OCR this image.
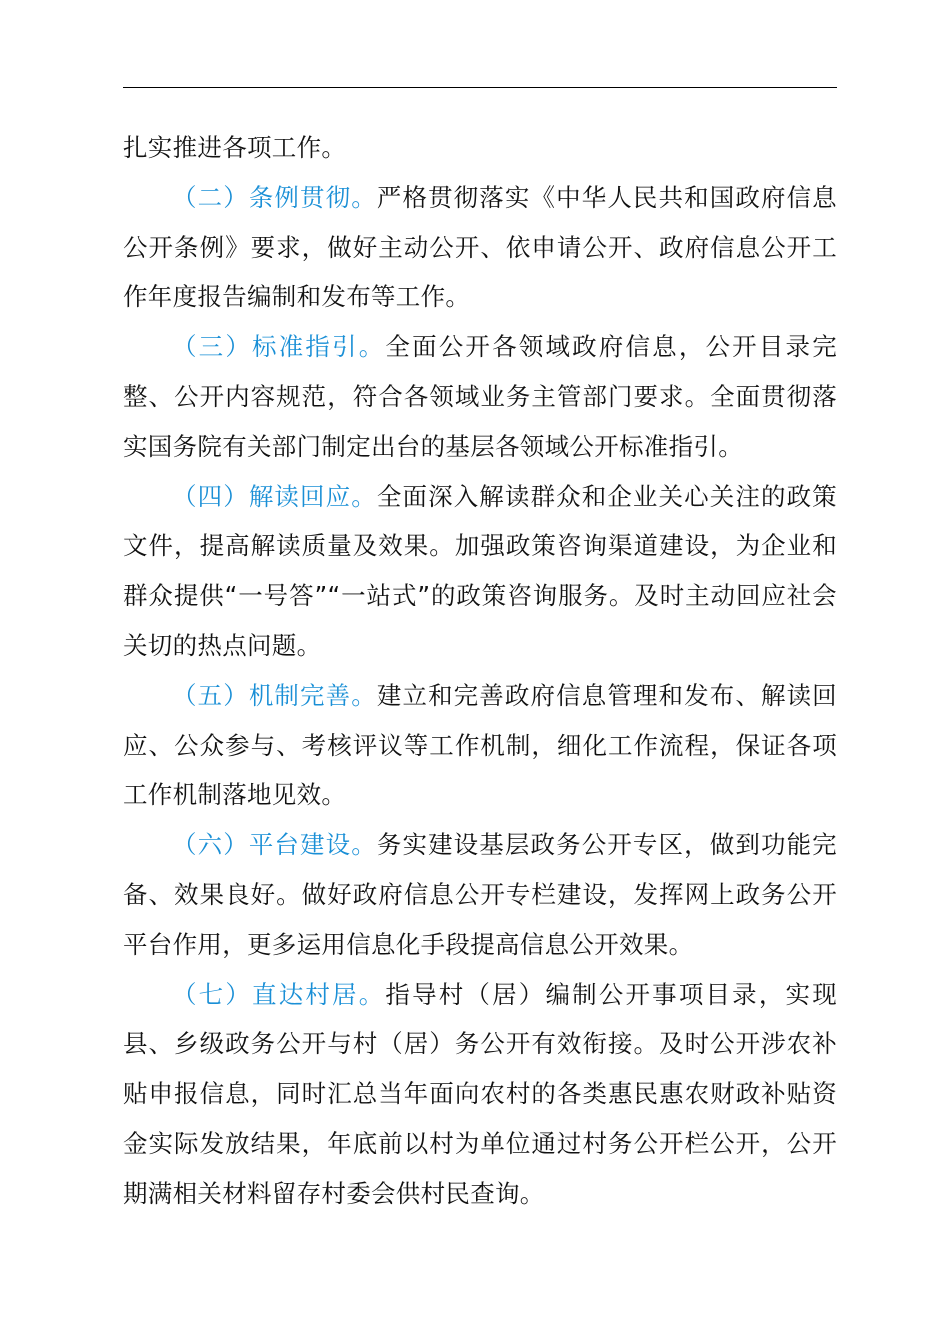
扎实推进各项工作。

（二）条例贯彻。严格贯彻落实《中华人民共和国政府信息公开条例》要求，做好主动公开、依申请公开、政府信息公开工作年度报告编制和发布等工作。

（三）标准指引。全面公开各领域政府信息，公开目录完整、公开内容规范，符合各领域业务主管部门要求。全面贯彻落实国务院有关部门制定出台的基层各领域公开标准指引。

（四）解读回应。全面深入解读群众和企业关心关注的政策文件，提高解读质量及效果。加强政策咨询渠道建设，为企业和群众提供“一号答”“一站式”的政策咨询服务。及时主动回应社会关切的热点问题。

（五）机制完善。建立和完善政府信息管理和发布、解读回应、公众参与、考核评议等工作机制，细化工作流程，保证各项工作机制落地见效。

（六）平台建设。务实建设基层政务公开专区，做到功能完备、效果良好。做好政府信息公开专栏建设，发挥网上政务公开平台作用，更多运用信息化手段提高信息公开效果。

（七）直达村居。指导村（居）编制公开事项目录，实现县、乡级政务公开与村（居）务公开有效衔接。及时公开涉农补贴申报信息，同时汇总当年面向农村的各类惠民惠农财政补贴资金实际发放结果，年底前以村为单位通过村务公开栏公开，公开期满相关材料留存村委会供村民查询。
